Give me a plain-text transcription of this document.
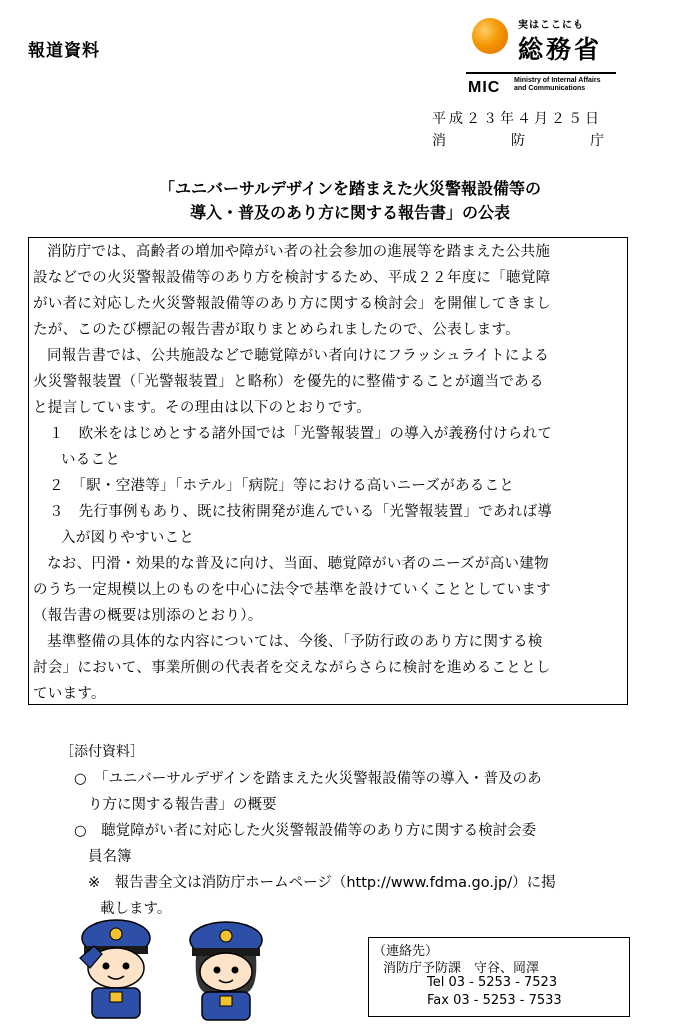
報道資料
実はここにも
総務省
MIC Ministry of Internal Affairs
and Communications
平成２３年４月２５日
消	防	庁
「ユニバーサルデザインを踏まえた火災警報設備等の
導入・普及のあり方に関する報告書」の公表
消防庁では、高齢者の増加や障がい者の社会参加の進展等を踏まえた公共施
設などでの火災警報設備等のあり方を検討するため、平成２２年度に「聴覚障
がい者に対応した火災警報設備等のあり方に関する検討会」を開催してきまし
たが、このたび標記の報告書が取りまとめられましたので、公表します。
同報告書では、公共施設などで聴覚障がい者向けにフラッシュライトによる
火災警報装置（「光警報装置」と略称）を優先的に整備することが適当である
と提言しています。その理由は以下のとおりです。
１　欧米をはじめとする諸外国では「光警報装置」の導入が義務付けられて
いること
２　「駅・空港等」「ホテル」「病院」等における高いニーズがあること
３　先行事例もあり、既に技術開発が進んでいる「光警報装置」であれば導
入が図りやすいこと
なお、円滑・効果的な普及に向け、当面、聴覚障がい者のニーズが高い建物
のうち一定規模以上のものを中心に法令で基準を設けていくこととしています
（報告書の概要は別添のとおり）。
基準整備の具体的な内容については、今後、「予防行政のあり方に関する検
討会」において、事業所側の代表者を交えながらさらに検討を進めることとし
ています。
［添付資料］
○　「ユニバーサルデザインを踏まえた火災警報設備等の導入・普及のあ
り方に関する報告書」の概要
○　聴覚障がい者に対応した火災警報設備等のあり方に関する検討会委
員名簿
※　報告書全文は消防庁ホームページ（http://www.fdma.go.jp/）に掲
載します。
（連絡先）
消防庁予防課　守谷、岡澤
Tel 03 - 5253 - 7523
Fax 03 - 5253 - 7533
